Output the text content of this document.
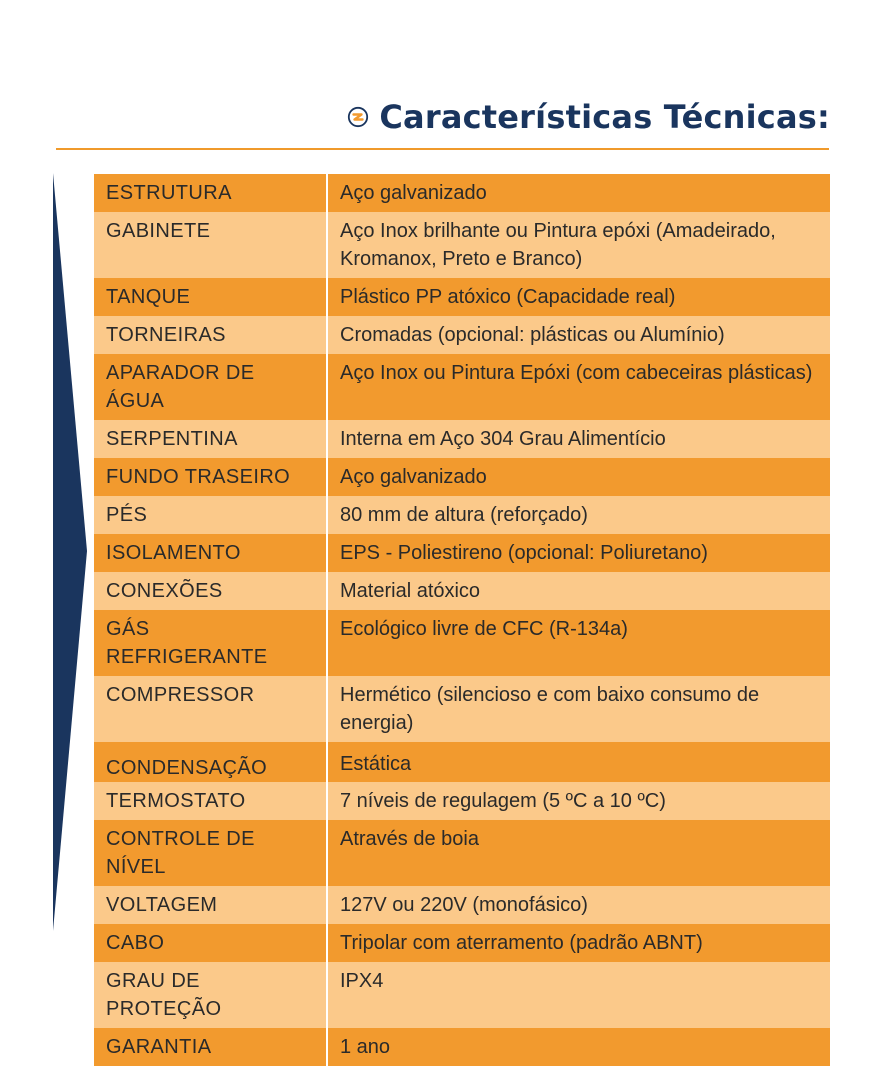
Características Técnicas:
ESTRUTURA	Aço galvanizado
GABINETE	Aço Inox brilhante ou Pintura epóxi (Amadeirado,
Kromanox, Preto e Branco)
TANQUE	Plástico PP atóxico (Capacidade real)
TORNEIRAS	Cromadas (opcional: plásticas ou Alumínio)
APARADOR DE ÁGUA	Aço Inox ou Pintura Epóxi (com cabeceiras plásticas)
SERPENTINA	Interna em Aço 304 Grau Alimentício
FUNDO TRASEIRO	Aço galvanizado
PÉS	80 mm de altura (reforçado)
ISOLAMENTO	EPS - Poliestireno (opcional: Poliuretano)
CONEXÕES	Material atóxico
GÁS REFRIGERANTE	Ecológico livre de CFC (R-134a)
COMPRESSOR	Hermético (silencioso e com baixo consumo de energia)
CONDENSAÇÃO	Estática
TERMOSTATO	7 níveis de regulagem (5 ºC a 10 ºC)
CONTROLE DE NÍVEL	Através de boia
VOLTAGEM	127V ou 220V (monofásico)
CABO	Tripolar com aterramento (padrão ABNT)
GRAU DE PROTEÇÃO	IPX4
GARANTIA	1 ano
